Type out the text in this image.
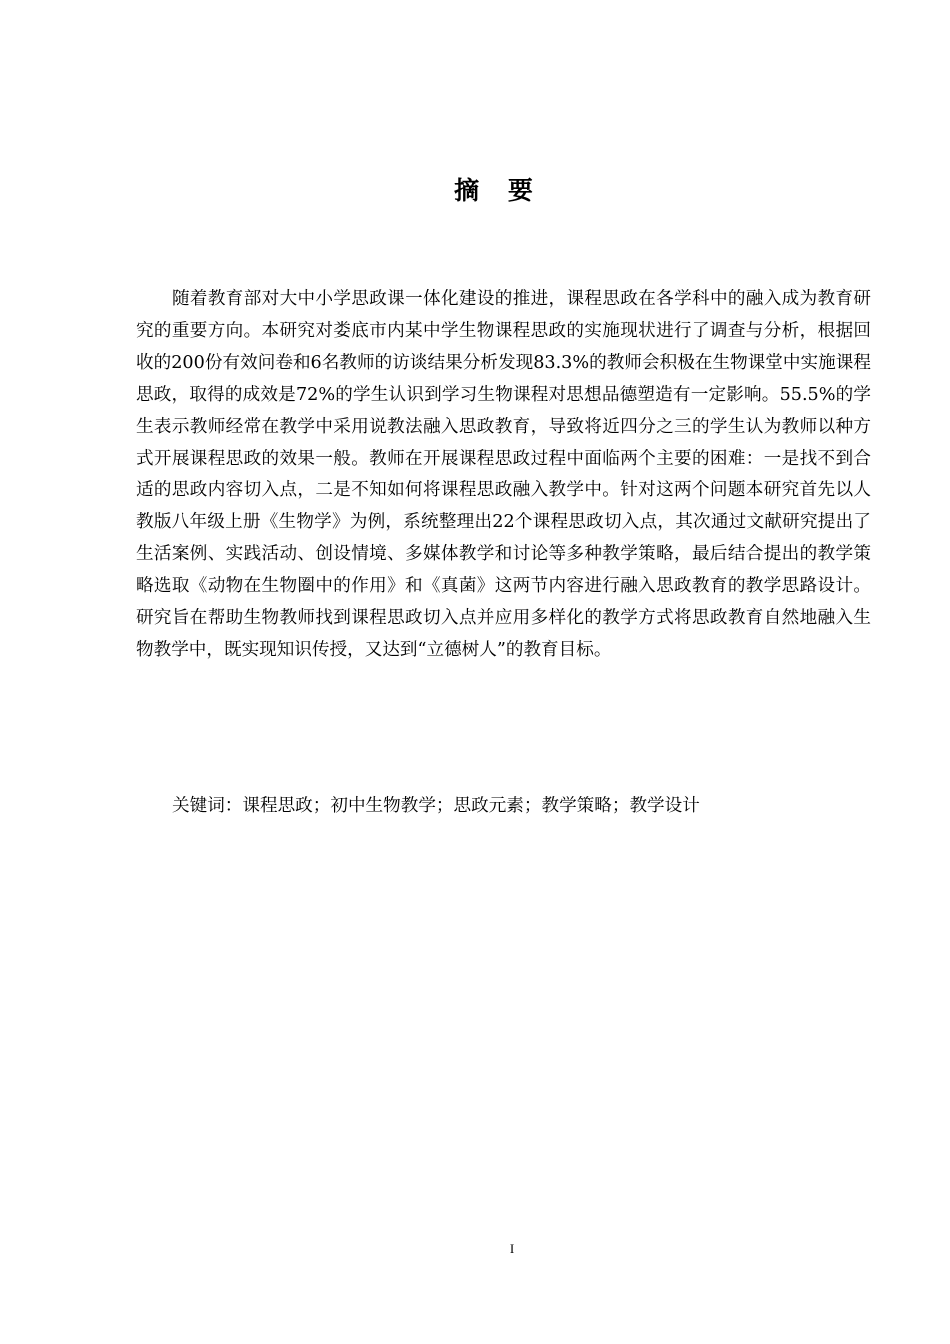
摘 要

随着教育部对大中小学思政课一体化建设的推进，课程思政在各学科中的融入成为教育研究的重要方向。本研究对娄底市内某中学生物课程思政的实施现状进行了调查与分析，根据回收的200份有效问卷和6名教师的访谈结果分析发现83.3%的教师会积极在生物课堂中实施课程思政，取得的成效是72%的学生认识到学习生物课程对思想品德塑造有一定影响。55.5%的学生表示教师经常在教学中采用说教法融入思政教育，导致将近四分之三的学生认为教师以种方式开展课程思政的效果一般。教师在开展课程思政过程中面临两个主要的困难：一是找不到合适的思政内容切入点，二是不知如何将课程思政融入教学中。针对这两个问题本研究首先以人教版八年级上册《生物学》为例，系统整理出22个课程思政切入点，其次通过文献研究提出了生活案例、实践活动、创设情境、多媒体教学和讨论等多种教学策略，最后结合提出的教学策略选取《动物在生物圈中的作用》和《真菌》这两节内容进行融入思政教育的教学思路设计。研究旨在帮助生物教师找到课程思政切入点并应用多样化的教学方式将思政教育自然地融入生物教学中，既实现知识传授，又达到“立德树人”的教育目标。

关键词：课程思政；初中生物教学；思政元素；教学策略；教学设计

I
